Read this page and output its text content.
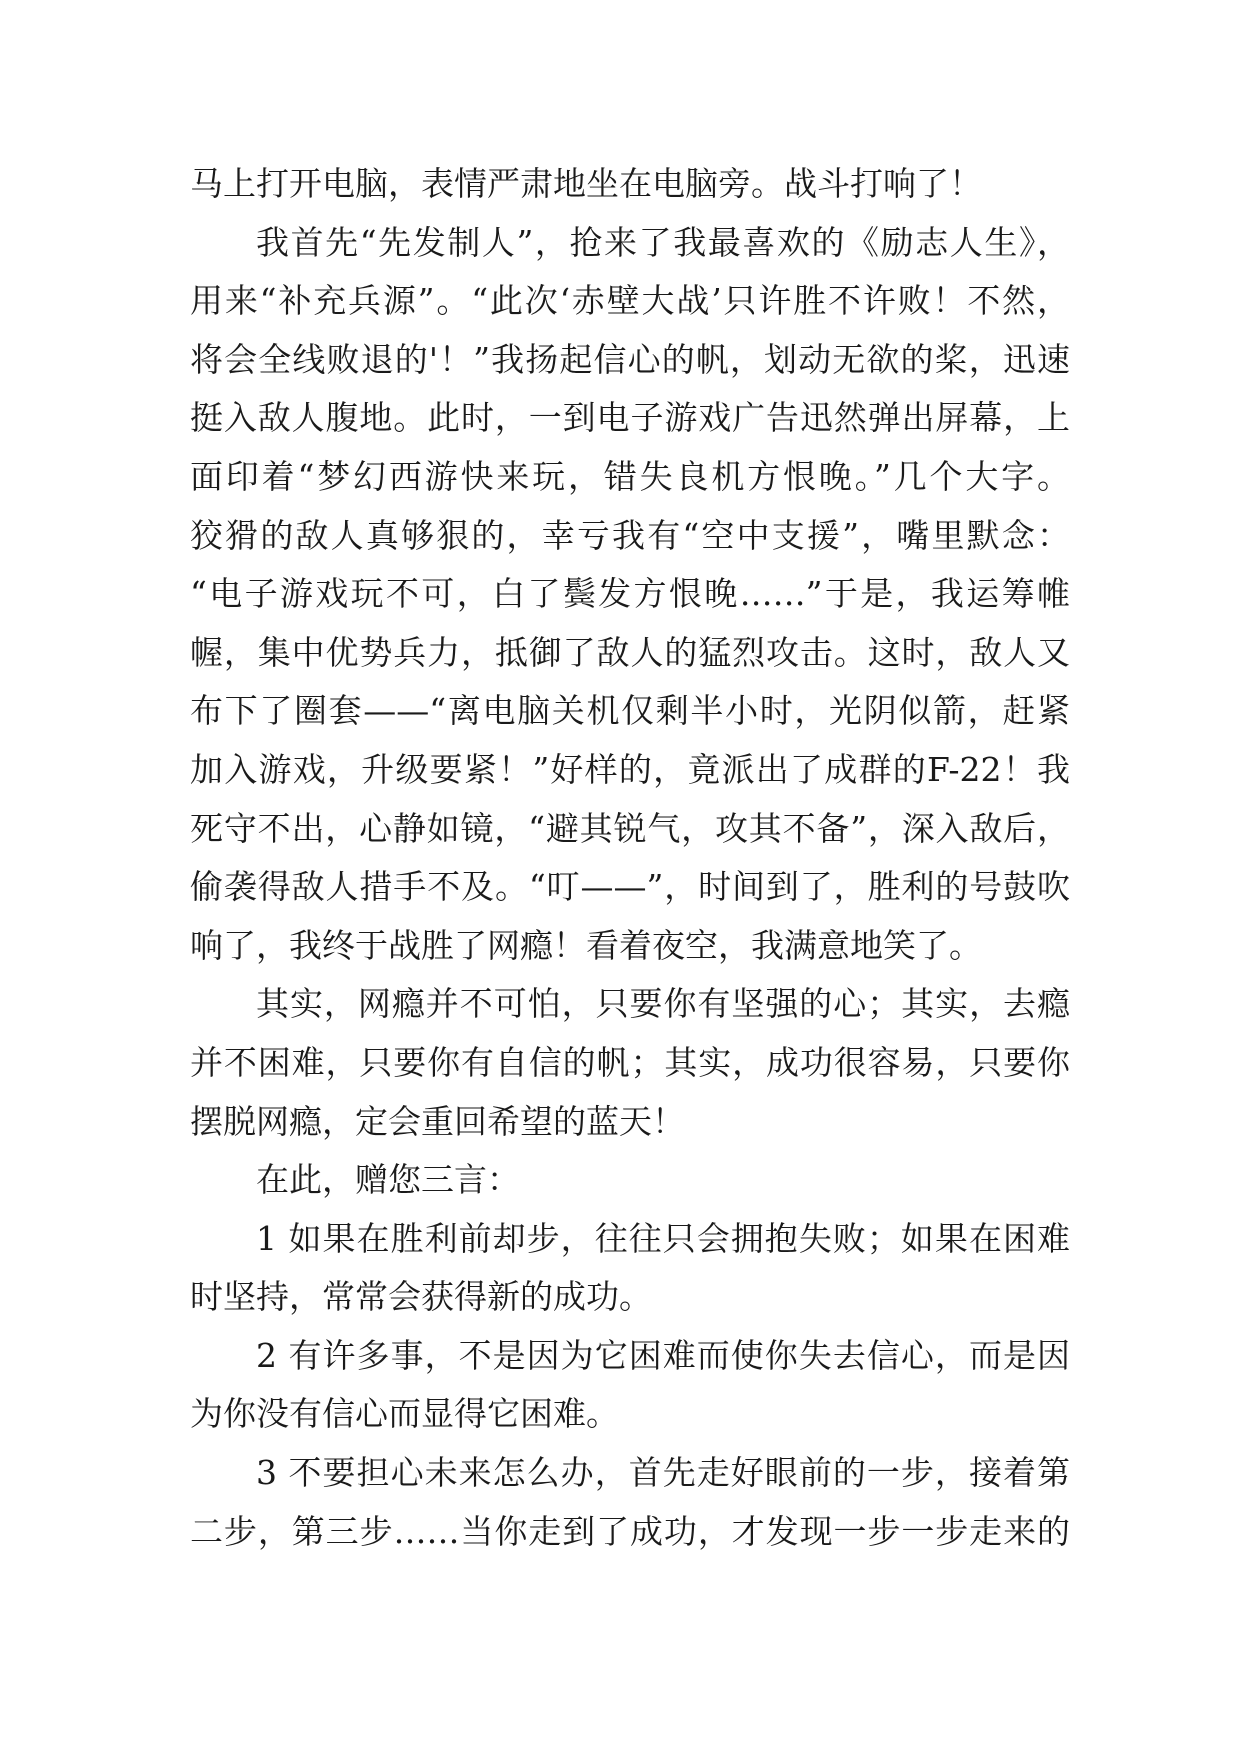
马上打开电脑，表情严肃地坐在电脑旁。战斗打响了！
我首先“先发制人”，抢来了我最喜欢的《励志人生》，
用来“补充兵源”。“此次‘赤壁大战’只许胜不许败！不然，
将会全线败退的'！”我扬起信心的帆，划动无欲的桨，迅速
挺入敌人腹地。此时，一到电子游戏广告迅然弹出屏幕，上
面印着“梦幻西游快来玩，错失良机方恨晚。”几个大字。
狡猾的敌人真够狠的，幸亏我有“空中支援”，嘴里默念：
“电子游戏玩不可，白了鬓发方恨晚……”于是，我运筹帷
幄，集中优势兵力，抵御了敌人的猛烈攻击。这时，敌人又
布下了圈套——“离电脑关机仅剩半小时，光阴似箭，赶紧
加入游戏，升级要紧！”好样的，竟派出了成群的F-22！我
死守不出，心静如镜，“避其锐气，攻其不备”，深入敌后，
偷袭得敌人措手不及。“叮——”，时间到了，胜利的号鼓吹
响了，我终于战胜了网瘾！看着夜空，我满意地笑了。
其实，网瘾并不可怕，只要你有坚强的心；其实，去瘾
并不困难，只要你有自信的帆；其实，成功很容易，只要你
摆脱网瘾，定会重回希望的蓝天！
在此，赠您三言：
1 如果在胜利前却步，往往只会拥抱失败；如果在困难
时坚持，常常会获得新的成功。
2 有许多事，不是因为它困难而使你失去信心，而是因
为你没有信心而显得它困难。
3 不要担心未来怎么办，首先走好眼前的一步，接着第
二步，第三步……当你走到了成功，才发现一步一步走来的
